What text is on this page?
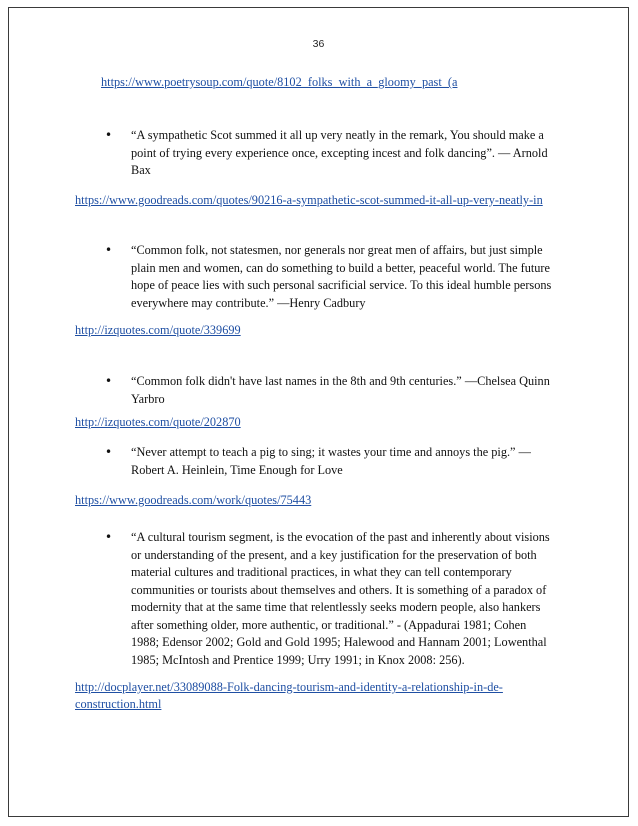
36
https://www.poetrysoup.com/quote/8102_folks_with_a_gloomy_past_(a
• “A sympathetic Scot summed it all up very neatly in the remark, You should make a
point of trying every experience once, excepting incest and folk dancing”. ― Arnold
Bax
https://www.goodreads.com/quotes/90216-a-sympathetic-scot-summed-it-all-up-very-neatly-in
• “Common folk, not statesmen, nor generals nor great men of affairs, but just simple
plain men and women, can do something to build a better, peaceful world. The future
hope of peace lies with such personal sacrificial service. To this ideal humble persons
everywhere may contribute.” ―Henry Cadbury
http://izquotes.com/quote/339699
• “Common folk didn't have last names in the 8th and 9th centuries.” ―Chelsea Quinn
Yarbro
http://izquotes.com/quote/202870
• “Never attempt to teach a pig to sing; it wastes your time and annoys the pig.” ―
Robert A. Heinlein, Time Enough for Love
https://www.goodreads.com/work/quotes/75443
• “A cultural tourism segment, is the evocation of the past and inherently about visions
or understanding of the present, and a key justification for the preservation of both
material cultures and traditional practices, in what they can tell contemporary
communities or tourists about themselves and others. It is something of a paradox of
modernity that at the same time that relentlessly seeks modern people, also hankers
after something older, more authentic, or traditional.” - (Appadurai 1981; Cohen
1988; Edensor 2002; Gold and Gold 1995; Halewood and Hannam 2001; Lowenthal
1985; McIntosh and Prentice 1999; Urry 1991; in Knox 2008: 256).
http://docplayer.net/33089088-Folk-dancing-tourism-and-identity-a-relationship-in-de-construction.html
